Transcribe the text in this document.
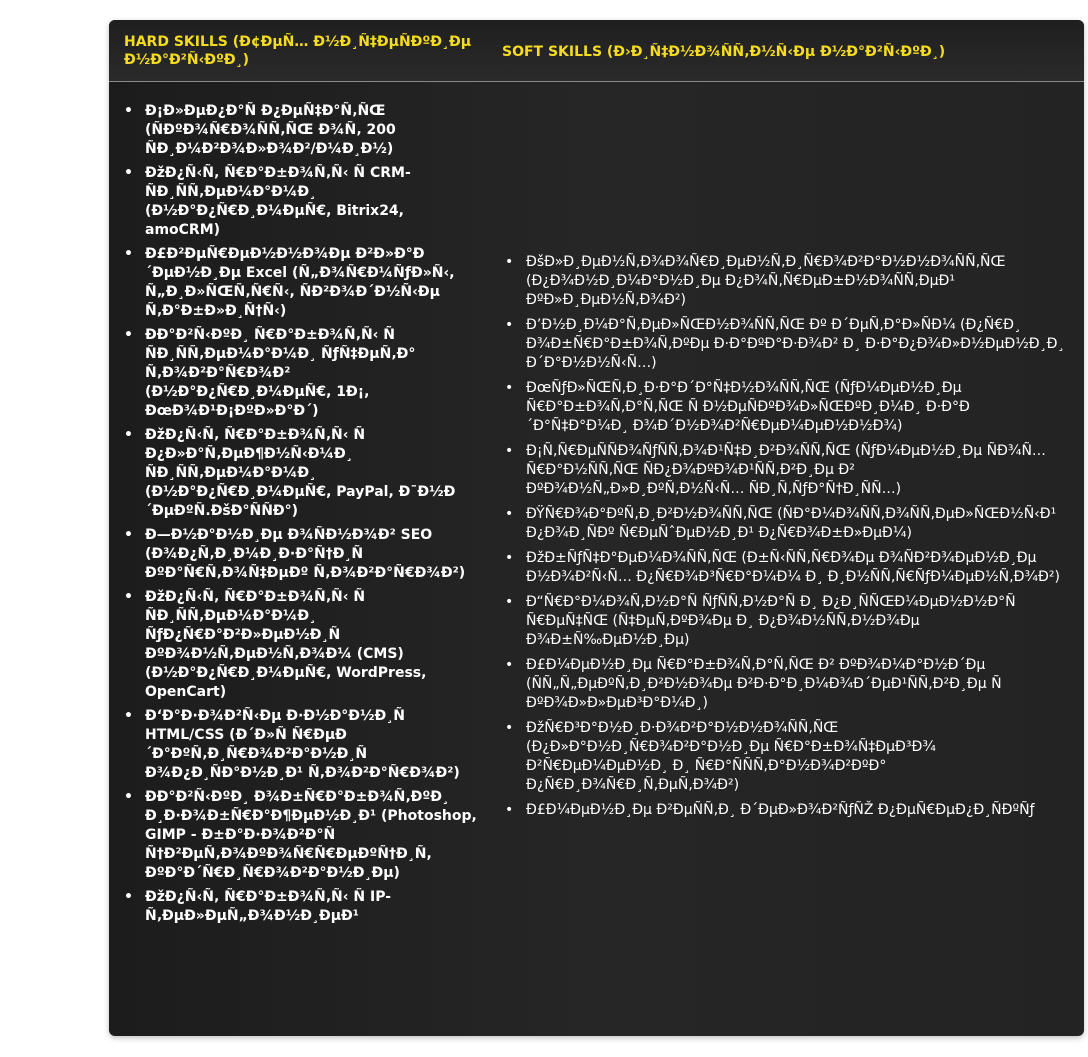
HARD SKILLS (Đ¢ĐµÑ… Đ½Đ¸Ñ‡ĐµÑĐºĐ¸Đµ Đ½Đ°Đ²Ñ‹ĐºĐ¸)	SOFT SKILLS (Đ›Đ¸Ñ‡Đ½Đ¾ÑÑ‚Đ½Ñ‹Đµ Đ½Đ°Đ²Ñ‹ĐºĐ¸)
• Đ¡Đ»ĐµĐ¿Đ°Ñ Đ¿ĐµÑ‡Đ°Ñ‚ÑŒ (ÑĐºĐ¾Ñ€Đ¾ÑÑ‚ÑŒ Đ¾Ñ‚ 200 ÑĐ¸Đ¼Đ²Đ¾Đ»Đ¾Đ²/Đ¼Đ¸Đ½)
• ĐžĐ¿Ñ‹Ñ‚ Ñ€Đ°Đ±Đ¾Ñ‚Ñ‹ Ñ CRM-ÑĐ¸ÑÑ‚ĐµĐ¼Đ°Đ¼Đ¸ (Đ½Đ°Đ¿Ñ€Đ¸Đ¼ĐµÑ€, Bitrix24, amoCRM)
• Đ£Đ²ĐµÑ€ĐµĐ½Đ½Đ¾Đµ Đ²Đ»Đ°Đ´ĐµĐ½Đ¸Đµ Excel (Ñ„Đ¾Ñ€Đ¼ÑƒĐ»Ñ‹, Ñ„Đ¸Đ»ÑŒÑ‚Ñ€Ñ‹, ÑĐ²Đ¾Đ´Đ½Ñ‹Đµ Ñ‚Đ°Đ±Đ»Đ¸Ñ†Ñ‹)
• ĐĐ°Đ²Ñ‹ĐºĐ¸ Ñ€Đ°Đ±Đ¾Ñ‚Ñ‹ Ñ ÑĐ¸ÑÑ‚ĐµĐ¼Đ°Đ¼Đ¸ ÑƒÑ‡ĐµÑ‚Đ° Ñ‚Đ¾Đ²Đ°Ñ€Đ¾Đ² (Đ½Đ°Đ¿Ñ€Đ¸Đ¼ĐµÑ€, 1Đ¡, ĐœĐ¾Đ¹Đ¡ĐºĐ»Đ°Đ´)
• ĐžĐ¿Ñ‹Ñ‚ Ñ€Đ°Đ±Đ¾Ñ‚Ñ‹ Ñ Đ¿Đ»Đ°Ñ‚ĐµĐ¶Đ½Ñ‹Đ¼Đ¸ ÑĐ¸ÑÑ‚ĐµĐ¼Đ°Đ¼Đ¸ (Đ½Đ°Đ¿Ñ€Đ¸Đ¼ĐµÑ€, PayPal, Đ¯Đ½Đ´ĐµĐºÑ.ĐšĐ°ÑÑĐ°)
• Đ—Đ½Đ°Đ½Đ¸Đµ Đ¾ÑĐ½Đ¾Đ² SEO (Đ¾Đ¿Ñ‚Đ¸Đ¼Đ¸Đ·Đ°Ñ†Đ¸Ñ ĐºĐ°Ñ€Ñ‚Đ¾Ñ‡ĐµĐº Ñ‚Đ¾Đ²Đ°Ñ€Đ¾Đ²)
• ĐžĐ¿Ñ‹Ñ‚ Ñ€Đ°Đ±Đ¾Ñ‚Ñ‹ Ñ ÑĐ¸ÑÑ‚ĐµĐ¼Đ°Đ¼Đ¸ ÑƒĐ¿Ñ€Đ°Đ²Đ»ĐµĐ½Đ¸Ñ ĐºĐ¾Đ½Ñ‚ĐµĐ½Ñ‚Đ¾Đ¼ (CMS) (Đ½Đ°Đ¿Ñ€Đ¸Đ¼ĐµÑ€, WordPress, OpenCart)
• Đ‘Đ°Đ·Đ¾Đ²Ñ‹Đµ Đ·Đ½Đ°Đ½Đ¸Ñ HTML/CSS (Đ´Đ»Ñ Ñ€ĐµĐ´Đ°ĐºÑ‚Đ¸Ñ€Đ¾Đ²Đ°Đ½Đ¸Ñ Đ¾Đ¿Đ¸ÑĐ°Đ½Đ¸Đ¹ Ñ‚Đ¾Đ²Đ°Ñ€Đ¾Đ²)
• ĐĐ°Đ²Ñ‹ĐºĐ¸ Đ¾Đ±Ñ€Đ°Đ±Đ¾Ñ‚ĐºĐ¸ Đ¸Đ·Đ¾Đ±Ñ€Đ°Đ¶ĐµĐ½Đ¸Đ¹ (Photoshop, GIMP - Đ±Đ°Đ·Đ¾Đ²Đ°Ñ Ñ†Đ²ĐµÑ‚Đ¾ĐºĐ¾Ñ€Ñ€ĐµĐºÑ†Đ¸Ñ, ĐºĐ°Đ´Ñ€Đ¸Ñ€Đ¾Đ²Đ°Đ½Đ¸Đµ)
• ĐžĐ¿Ñ‹Ñ‚ Ñ€Đ°Đ±Đ¾Ñ‚Ñ‹ Ñ IP-Ñ‚ĐµĐ»ĐµÑ„Đ¾Đ½Đ¸ĐµĐ¹
• ĐšĐ»Đ¸ĐµĐ½Ñ‚Đ¾Đ¾Ñ€Đ¸ĐµĐ½Ñ‚Đ¸Ñ€Đ¾Đ²Đ°Đ½Đ½Đ¾ÑÑ‚ÑŒ (Đ¿Đ¾Đ½Đ¸Đ¼Đ°Đ½Đ¸Đµ Đ¿Đ¾Ñ‚Ñ€ĐµĐ±Đ½Đ¾ÑÑ‚ĐµĐ¹ ĐºĐ»Đ¸ĐµĐ½Ñ‚Đ¾Đ²)
• Đ’Đ½Đ¸Đ¼Đ°Ñ‚ĐµĐ»ÑŒĐ½Đ¾ÑÑ‚ÑŒ Đº Đ´ĐµÑ‚Đ°Đ»ÑĐ¼ (Đ¿Ñ€Đ¸ Đ¾Đ±Ñ€Đ°Đ±Đ¾Ñ‚ĐºĐµ Đ·Đ°ĐºĐ°Đ·Đ¾Đ² Đ¸ Đ·Đ°Đ¿Đ¾Đ»Đ½ĐµĐ½Đ¸Đ¸ Đ´Đ°Đ½Đ½Ñ‹Ñ…)
• ĐœÑƒĐ»ÑŒÑ‚Đ¸Đ·Đ°Đ´Đ°Ñ‡Đ½Đ¾ÑÑ‚ÑŒ (ÑƒĐ¼ĐµĐ½Đ¸Đµ Ñ€Đ°Đ±Đ¾Ñ‚Đ°Ñ‚ÑŒ Ñ Đ½ĐµÑĐºĐ¾Đ»ÑŒĐºĐ¸Đ¼Đ¸ Đ·Đ°Đ´Đ°Ñ‡Đ°Đ¼Đ¸ Đ¾Đ´Đ½Đ¾Đ²Ñ€ĐµĐ¼ĐµĐ½Đ½Đ¾)
• Đ¡Ñ‚Ñ€ĐµÑÑĐ¾ÑƒÑÑ‚Đ¾Đ¹Ñ‡Đ¸Đ²Đ¾ÑÑ‚ÑŒ (ÑƒĐ¼ĐµĐ½Đ¸Đµ ÑĐ¾Ñ…Ñ€Đ°Đ½ÑÑ‚ÑŒ ÑĐ¿Đ¾ĐºĐ¾Đ¹ÑÑ‚Đ²Đ¸Đµ Đ² ĐºĐ¾Đ½Ñ„Đ»Đ¸ĐºÑ‚Đ½Ñ‹Ñ… ÑĐ¸Ñ‚ÑƒĐ°Ñ†Đ¸ÑÑ…)
• ĐŸÑ€Đ¾Đ°ĐºÑ‚Đ¸Đ²Đ½Đ¾ÑÑ‚ÑŒ (ÑĐ°Đ¼Đ¾ÑÑ‚Đ¾ÑÑ‚ĐµĐ»ÑŒĐ½Ñ‹Đ¹ Đ¿Đ¾Đ¸ÑĐº Ñ€ĐµÑˆĐµĐ½Đ¸Đ¹ Đ¿Ñ€Đ¾Đ±Đ»ĐµĐ¼)
• ĐžĐ±ÑƒÑ‡Đ°ĐµĐ¼Đ¾ÑÑ‚ÑŒ (Đ±Ñ‹ÑÑ‚Ñ€Đ¾Đµ Đ¾ÑĐ²Đ¾ĐµĐ½Đ¸Đµ Đ½Đ¾Đ²Ñ‹Ñ… Đ¿Ñ€Đ¾Đ³Ñ€Đ°Đ¼Đ¼ Đ¸ Đ¸Đ½ÑÑ‚Ñ€ÑƒĐ¼ĐµĐ½Ñ‚Đ¾Đ²)
• Đ“Ñ€Đ°Đ¼Đ¾Ñ‚Đ½Đ°Ñ ÑƒÑÑ‚Đ½Đ°Ñ Đ¸ Đ¿Đ¸ÑÑŒĐ¼ĐµĐ½Đ½Đ°Ñ Ñ€ĐµÑ‡ÑŒ (Ñ‡ĐµÑ‚ĐºĐ¾Đµ Đ¸ Đ¿Đ¾Đ½ÑÑ‚Đ½Đ¾Đµ Đ¾Đ±Ñ‰ĐµĐ½Đ¸Đµ)
• Đ£Đ¼ĐµĐ½Đ¸Đµ Ñ€Đ°Đ±Đ¾Ñ‚Đ°Ñ‚ÑŒ Đ² ĐºĐ¾Đ¼Đ°Đ½Đ´Đµ (ÑÑ„Ñ„ĐµĐºÑ‚Đ¸Đ²Đ½Đ¾Đµ Đ²Đ·Đ°Đ¸Đ¼Đ¾Đ´ĐµĐ¹ÑÑ‚Đ²Đ¸Đµ Ñ ĐºĐ¾Đ»Đ»ĐµĐ³Đ°Đ¼Đ¸)
• ĐžÑ€Đ³Đ°Đ½Đ¸Đ·Đ¾Đ²Đ°Đ½Đ½Đ¾ÑÑ‚ÑŒ (Đ¿Đ»Đ°Đ½Đ¸Ñ€Đ¾Đ²Đ°Đ½Đ¸Đµ Ñ€Đ°Đ±Đ¾Ñ‡ĐµĐ³Đ¾ Đ²Ñ€ĐµĐ¼ĐµĐ½Đ¸ Đ¸ Ñ€Đ°ÑÑÑ‚Đ°Đ½Đ¾Đ²ĐºĐ° Đ¿Ñ€Đ¸Đ¾Ñ€Đ¸Ñ‚ĐµÑ‚Đ¾Đ²)
• Đ£Đ¼ĐµĐ½Đ¸Đµ Đ²ĐµÑÑ‚Đ¸ Đ´ĐµĐ»Đ¾Đ²ÑƒÑŽ Đ¿ĐµÑ€ĐµĐ¿Đ¸ÑĐºÑƒ
